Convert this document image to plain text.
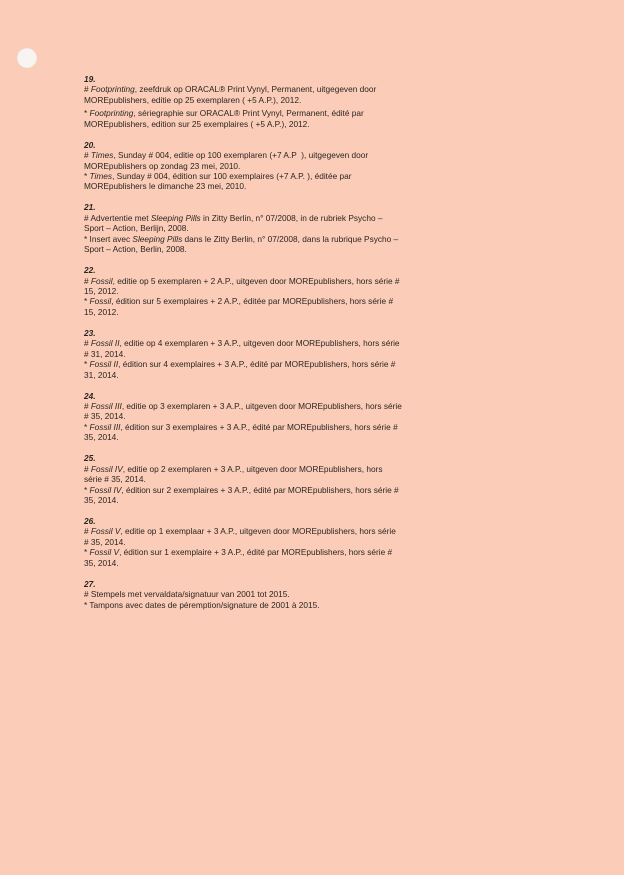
19.
# Footprinting, zeefdruk op ORACAL® Print Vynyl, Permanent, uitgegeven door
MOREpublishers, editie op 25 exemplaren ( +5 A.P.), 2012.
* Footprinting, sériegraphie sur ORACAL® Print Vynyl, Permanent, édité par
MOREpublishers, edition sur 25 exemplaires ( +5 A.P.), 2012.
20.
# Times, Sunday # 004, editie op 100 exemplaren (+7 A.P  ), uitgegeven door
MOREpublishers op zondag 23 mei, 2010.
* Times, Sunday # 004, édition sur 100 exemplaires (+7 A.P. ), éditée par
MOREpublishers le dimanche 23 mei, 2010.
21.
# Advertentie met Sleeping Pills in Zitty Berlin, n° 07/2008, in de rubriek Psycho –
Sport – Action, Berlijn, 2008.
* Insert avec Sleeping Pills dans le Zitty Berlin, n° 07/2008, dans la rubrique Psycho –
Sport – Action, Berlin, 2008.
22.
# Fossil, editie op 5 exemplaren + 2 A.P., uitgeven door MOREpublishers, hors série #
15, 2012.
* Fossil, édition sur 5 exemplaires + 2 A.P., éditée par MOREpublishers, hors série #
15, 2012.
23.
# Fossil II, editie op 4 exemplaren + 3 A.P., uitgeven door MOREpublishers, hors série
# 31, 2014.
* Fossil II, édition sur 4 exemplaires + 3 A.P., édité par MOREpublishers, hors série #
31, 2014.
24.
# Fossil III, editie op 3 exemplaren + 3 A.P., uitgeven door MOREpublishers, hors série
# 35, 2014.
* Fossil III, édition sur 3 exemplaires + 3 A.P., édité par MOREpublishers, hors série #
35, 2014.
25.
# Fossil IV, editie op 2 exemplaren + 3 A.P., uitgeven door MOREpublishers, hors
série # 35, 2014.
* Fossil IV, édition sur 2 exemplaires + 3 A.P., édité par MOREpublishers, hors série #
35, 2014.
26.
# Fossil V, editie op 1 exemplaar + 3 A.P., uitgeven door MOREpublishers, hors série
# 35, 2014.
* Fossil V, édition sur 1 exemplaire + 3 A.P., édité par MOREpublishers, hors série #
35, 2014.
27.
# Stempels met vervaldata/signatuur van 2001 tot 2015.
* Tampons avec dates de péremption/signature de 2001 à 2015.
